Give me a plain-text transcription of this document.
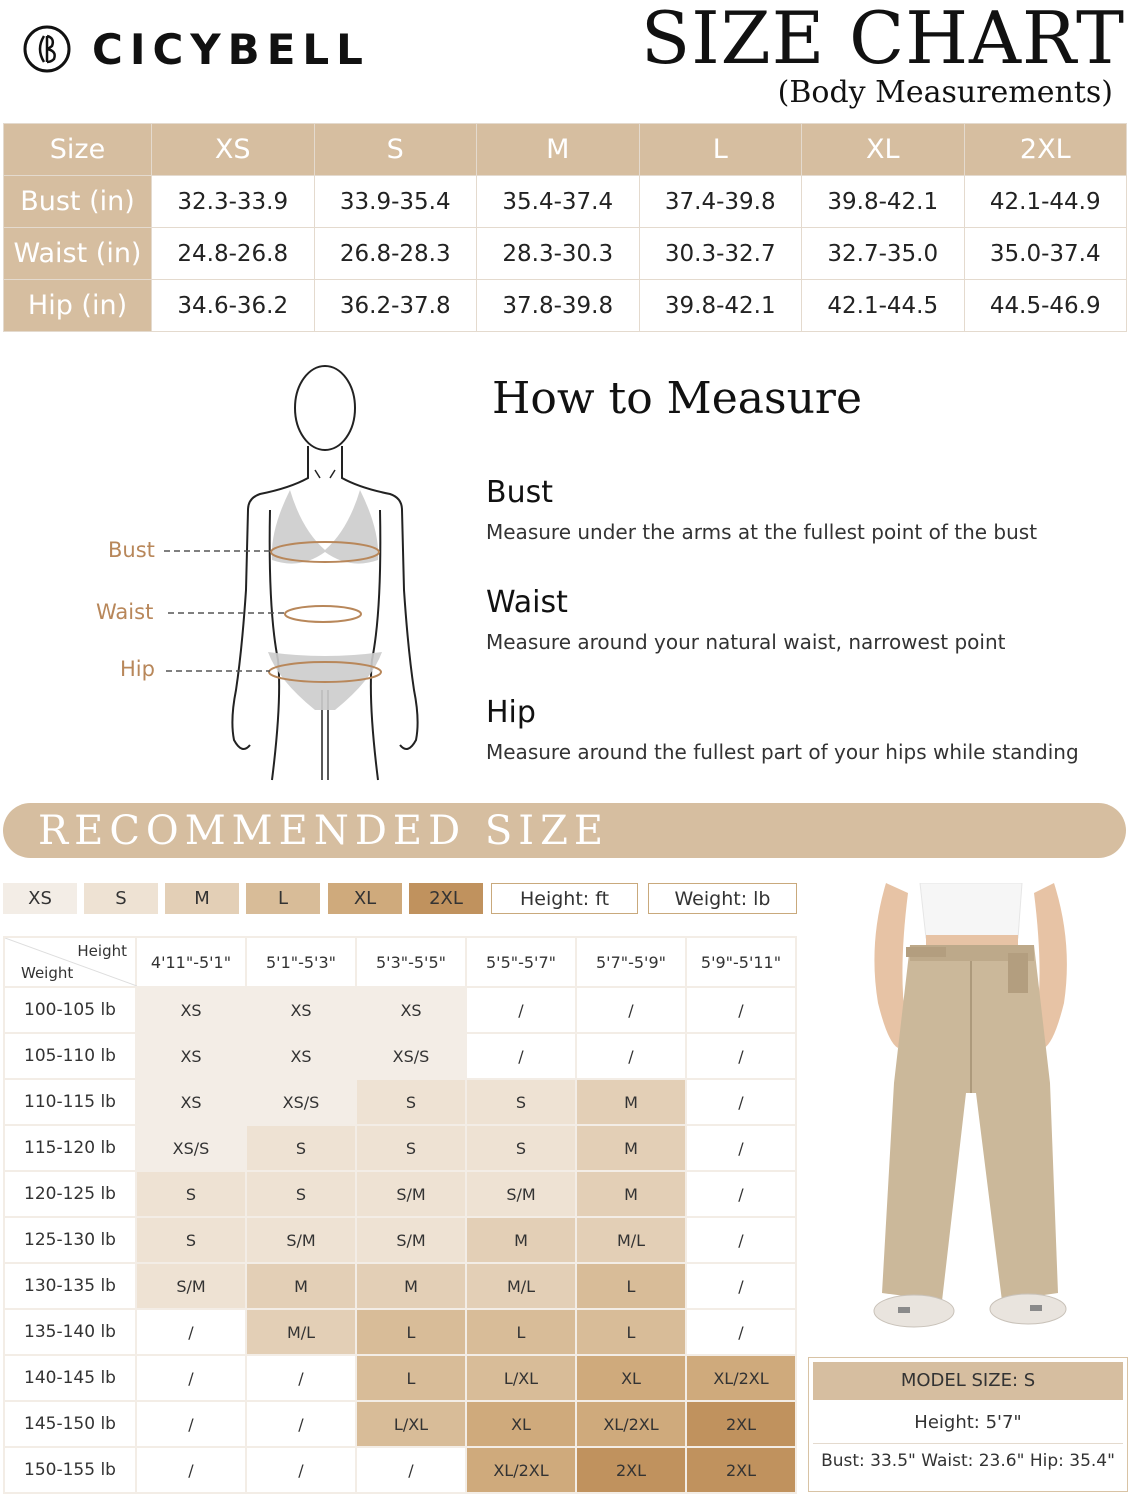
CICYBELL	SIZE CHART
(Body Measurements)
Size	XS	S	M	L	XL	2XL
Bust (in)	32.3-33.9	33.9-35.4	35.4-37.4	37.4-39.8	39.8-42.1	42.1-44.9
Waist (in)	24.8-26.8	26.8-28.3	28.3-30.3	30.3-32.7	32.7-35.0	35.0-37.4
Hip (in)	34.6-36.2	36.2-37.8	37.8-39.8	39.8-42.1	42.1-44.5	44.5-46.9
Bust
Waist
Hip
How to Measure
Bust
Measure under the arms at the fullest point of the bust
Waist
Measure around your natural waist, narrowest point
Hip
Measure around the fullest part of your hips while standing
RECOMMENDED SIZE
XS	S	M	L	XL	2XL	Height: ft	Weight: lb
Height
Weight	4'11"-5'1"	5'1"-5'3"	5'3"-5'5"	5'5"-5'7"	5'7"-5'9"	5'9"-5'11"
100-105 lb	XS	XS	XS	/	/	/
105-110 lb	XS	XS	XS/S	/	/	/
110-115 lb	XS	XS/S	S	S	M	/
115-120 lb	XS/S	S	S	S	M	/
120-125 lb	S	S	S/M	S/M	M	/
125-130 lb	S	S/M	S/M	M	M/L	/
130-135 lb	S/M	M	M	M/L	L	/
135-140 lb	/	M/L	L	L	L	/
140-145 lb	/	/	L	L/XL	XL	XL/2XL
145-150 lb	/	/	L/XL	XL	XL/2XL	2XL
150-155 lb	/	/	/	XL/2XL	2XL	2XL
MODEL SIZE: S
Height: 5'7"
Bust: 33.5" Waist: 23.6" Hip: 35.4"
